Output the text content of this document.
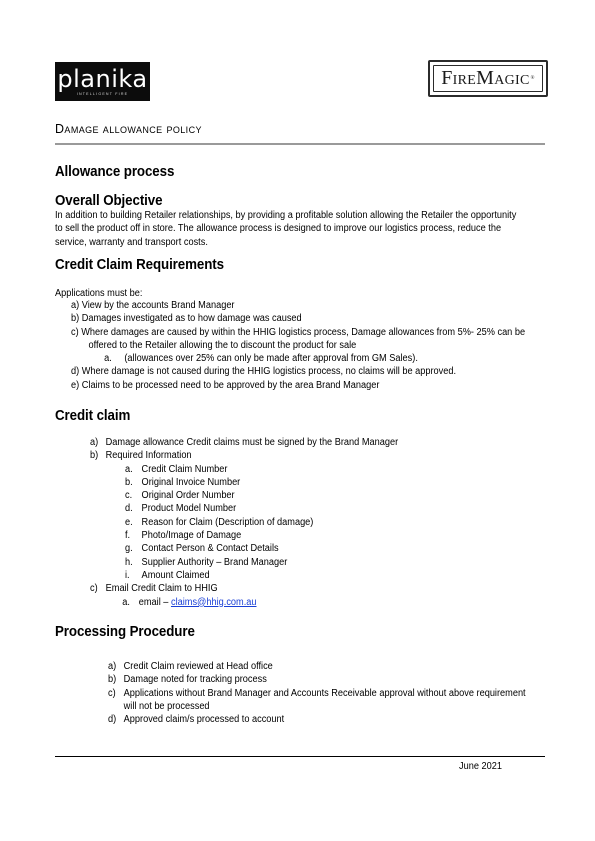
planika
INTELLIGENT FIRE
FireMagic ®
Damage allowance policy
Allowance process
Overall Objective
In addition to building Retailer relationships, by providing a profitable solution allowing the Retailer the opportunity
to sell the product off in store. The allowance process is designed to improve our logistics process, reduce the
service, warranty and transport costs.
Credit Claim Requirements
Applications must be:
a) View by the accounts Brand Manager
b) Damages investigated as to how damage was caused
c) Where damages are caused by within the HHIG logistics process, Damage allowances from 5%- 25% can be
offered to the Retailer allowing the to discount the product for sale
a. (allowances over 25% can only be made after approval from GM Sales).
d) Where damage is not caused during the HHIG logistics process, no claims will be approved.
e) Claims to be processed need to be approved by the area Brand Manager
Credit claim
a) Damage allowance Credit claims must be signed by the Brand Manager
b) Required Information
a. Credit Claim Number
b. Original Invoice Number
c. Original Order Number
d. Product Model Number
e. Reason for Claim (Description of damage)
f. Photo/Image of Damage
g. Contact Person & Contact Details
h. Supplier Authority – Brand Manager
i. Amount Claimed
c) Email Credit Claim to HHIG
a. email – claims@hhig.com.au
Processing Procedure
a) Credit Claim reviewed at Head office
b) Damage noted for tracking process
c) Applications without Brand Manager and Accounts Receivable approval without above requirement
will not be processed
d) Approved claim/s processed to account
June 2021
